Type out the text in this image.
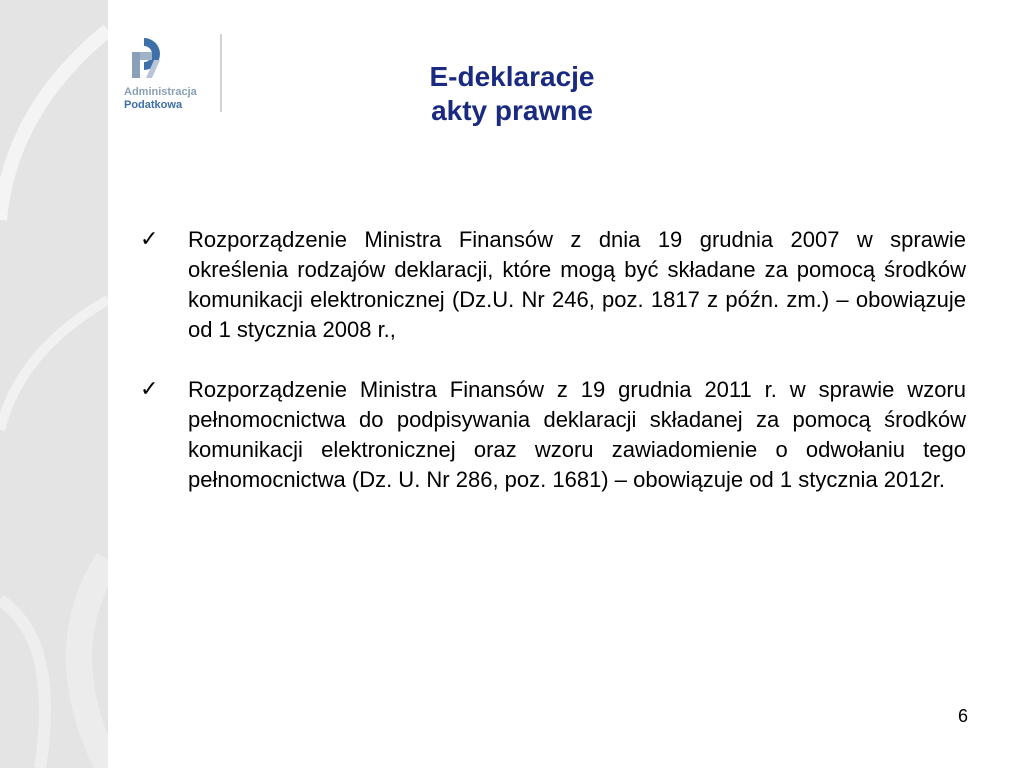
Administracja
Podatkowa
E-deklaracje
akty prawne
✓ Rozporządzenie Ministra Finansów z dnia 19 grudnia 2007 w sprawie określenia rodzajów deklaracji, które mogą być składane za pomocą środków komunikacji elektronicznej (Dz.U. Nr 246, poz. 1817 z późn. zm.) – obowiązuje od 1 stycznia 2008 r.,
✓ Rozporządzenie Ministra Finansów z 19 grudnia 2011 r. w sprawie wzoru pełnomocnictwa do podpisywania deklaracji składanej za pomocą środków komunikacji elektronicznej oraz wzoru zawiadomienie o odwołaniu tego pełnomocnictwa (Dz. U. Nr 286, poz. 1681) – obowiązuje od 1 stycznia 2012r.
6
